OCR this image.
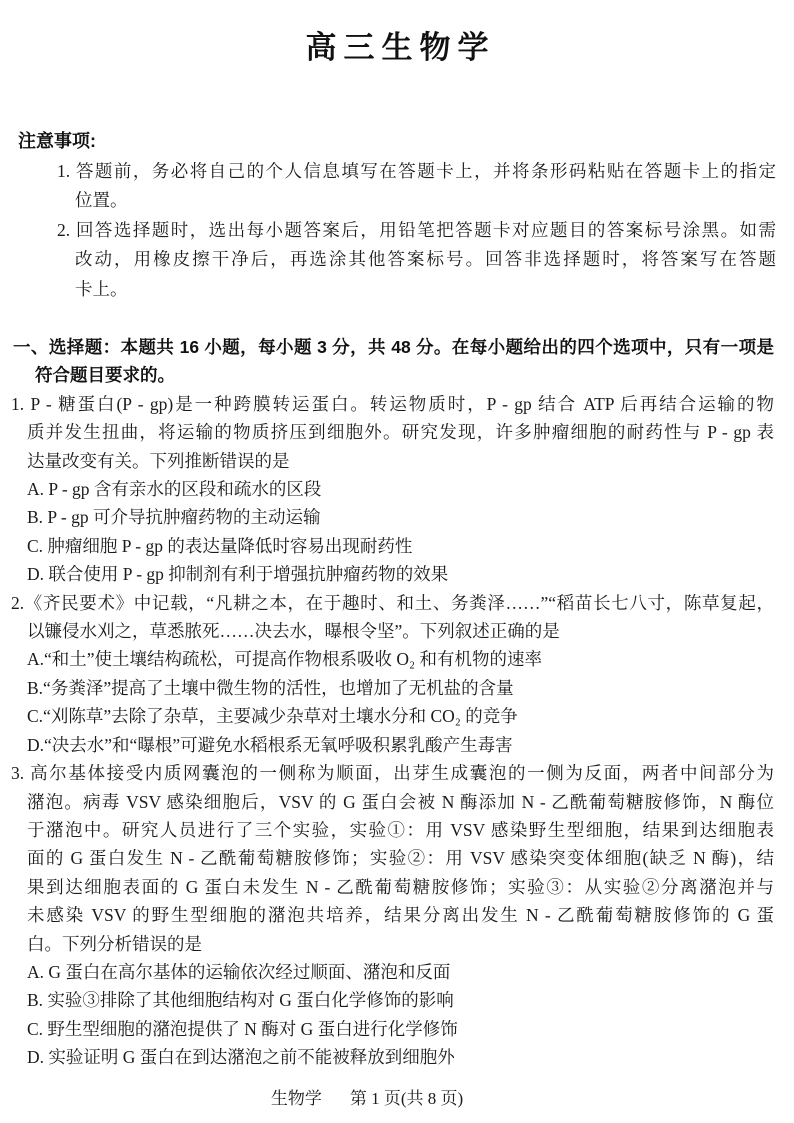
高三生物学
注意事项:
1. 答题前，务必将自己的个人信息填写在答题卡上，并将条形码粘贴在答题卡上的指定
位置。
2. 回答选择题时，选出每小题答案后，用铅笔把答题卡对应题目的答案标号涂黑。如需
改动，用橡皮擦干净后，再选涂其他答案标号。回答非选择题时，将答案写在答题
卡上。
一、选择题：本题共 16 小题，每小题 3 分，共 48 分。在每小题给出的四个选项中，只有一项是
符合题目要求的。
1. P - 糖蛋白(P - gp)是一种跨膜转运蛋白。转运物质时，P - gp 结合 ATP 后再结合运输的物
质并发生扭曲，将运输的物质挤压到细胞外。研究发现，许多肿瘤细胞的耐药性与 P - gp 表
达量改变有关。下列推断错误的是
A. P - gp 含有亲水的区段和疏水的区段
B. P - gp 可介导抗肿瘤药物的主动运输
C. 肿瘤细胞 P - gp 的表达量降低时容易出现耐药性
D. 联合使用 P - gp 抑制剂有利于增强抗肿瘤药物的效果
2.《齐民要术》中记载，“凡耕之本，在于趣时、和土、务粪泽……”“稻苗长七八寸，陈草复起，
以镰侵水刈之，草悉脓死……决去水，曝根令坚”。下列叙述正确的是
A.“和土”使土壤结构疏松，可提高作物根系吸收 O₂ 和有机物的速率
B.“务粪泽”提高了土壤中微生物的活性，也增加了无机盐的含量
C.“刈陈草”去除了杂草，主要减少杂草对土壤水分和 CO₂ 的竞争
D.“决去水”和“曝根”可避免水稻根系无氧呼吸积累乳酸产生毒害
3. 高尔基体接受内质网囊泡的一侧称为顺面，出芽生成囊泡的一侧为反面，两者中间部分为
潴泡。病毒 VSV 感染细胞后，VSV 的 G 蛋白会被 N 酶添加 N - 乙酰葡萄糖胺修饰，N 酶位
于潴泡中。研究人员进行了三个实验，实验①：用 VSV 感染野生型细胞，结果到达细胞表
面的 G 蛋白发生 N - 乙酰葡萄糖胺修饰；实验②：用 VSV 感染突变体细胞(缺乏 N 酶)，结
果到达细胞表面的 G 蛋白未发生 N - 乙酰葡萄糖胺修饰；实验③：从实验②分离潴泡并与
未感染 VSV 的野生型细胞的潴泡共培养，结果分离出发生 N - 乙酰葡萄糖胺修饰的 G 蛋
白。下列分析错误的是
A. G 蛋白在高尔基体的运输依次经过顺面、潴泡和反面
B. 实验③排除了其他细胞结构对 G 蛋白化学修饰的影响
C. 野生型细胞的潴泡提供了 N 酶对 G 蛋白进行化学修饰
D. 实验证明 G 蛋白在到达潴泡之前不能被释放到细胞外
生物学 第 1 页(共 8 页)
